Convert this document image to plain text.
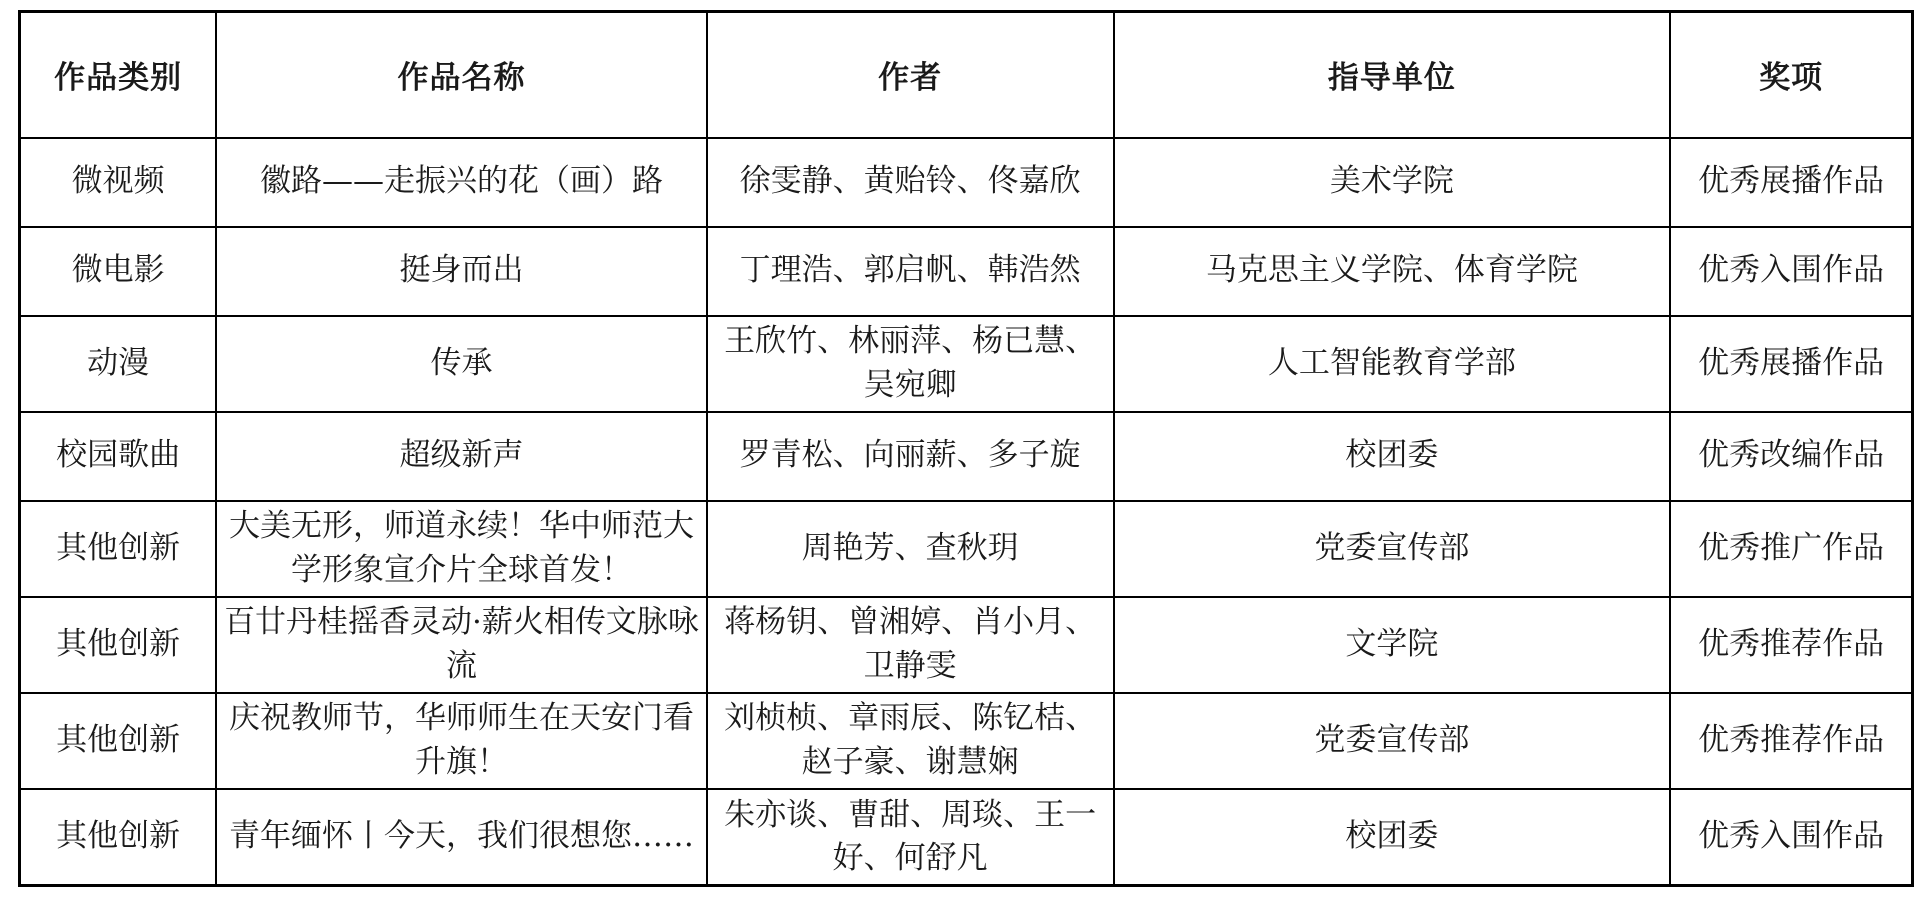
作品类别	作品名称	作者	指导单位	奖项
微视频	徽路——走振兴的花（画）路	徐雯静、黄贻铃、佟嘉欣	美术学院	优秀展播作品
微电影	挺身而出	丁理浩、郭启帆、韩浩然	马克思主义学院、体育学院	优秀入围作品
动漫	传承	王欣竹、林丽萍、杨已慧、吴宛卿	人工智能教育学部	优秀展播作品
校园歌曲	超级新声	罗青松、向丽薪、多子旋	校团委	优秀改编作品
其他创新	大美无形，师道永续！华中师范大学形象宣介片全球首发！	周艳芳、查秋玥	党委宣传部	优秀推广作品
其他创新	百廿丹桂摇香灵动·薪火相传文脉咏流	蒋杨钥、曾湘婷、肖小月、卫静雯	文学院	优秀推荐作品
其他创新	庆祝教师节，华师师生在天安门看升旗！	刘桢桢、章雨辰、陈钇桔、赵子豪、谢慧娴	党委宣传部	优秀推荐作品
其他创新	青年缅怀丨今天，我们很想您……	朱亦谈、曹甜、周琰、王一好、何舒凡	校团委	优秀入围作品
